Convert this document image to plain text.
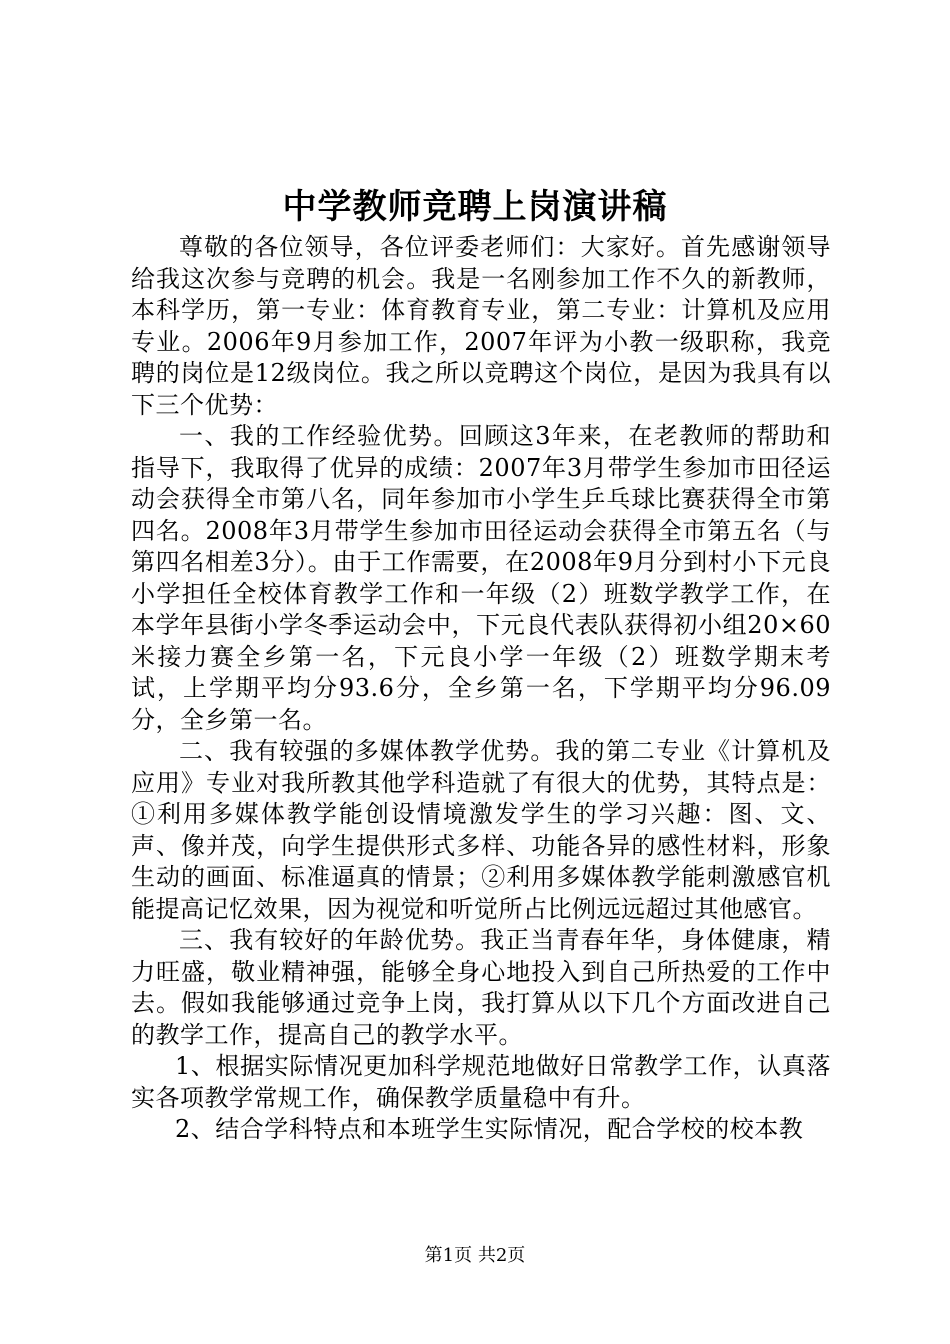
中学教师竞聘上岗演讲稿

尊敬的各位领导，各位评委老师们：大家好。首先感谢领导给我这次参与竞聘的机会。我是一名刚参加工作不久的新教师，本科学历，第一专业：体育教育专业，第二专业：计算机及应用专业。2006年9月参加工作，2007年评为小教一级职称，我竞聘的岗位是12级岗位。我之所以竞聘这个岗位，是因为我具有以下三个优势：

一、我的工作经验优势。回顾这3年来，在老教师的帮助和指导下，我取得了优异的成绩：2007年3月带学生参加市田径运动会获得全市第八名，同年参加市小学生乒乓球比赛获得全市第四名。2008年3月带学生参加市田径运动会获得全市第五名（与第四名相差3分）。由于工作需要，在2008年9月分到村小下元良小学担任全校体育教学工作和一年级（2）班数学教学工作，在本学年县街小学冬季运动会中，下元良代表队获得初小组20×60米接力赛全乡第一名，下元良小学一年级（2）班数学期末考试，上学期平均分93.6分，全乡第一名，下学期平均分96.09分，全乡第一名。

二、我有较强的多媒体教学优势。我的第二专业《计算机及应用》专业对我所教其他学科造就了有很大的优势，其特点是：①利用多媒体教学能创设情境激发学生的学习兴趣：图、文、声、像并茂，向学生提供形式多样、功能各异的感性材料，形象生动的画面、标准逼真的情景；②利用多媒体教学能刺激感官机能提高记忆效果，因为视觉和听觉所占比例远远超过其他感官。

三、我有较好的年龄优势。我正当青春年华，身体健康，精力旺盛，敬业精神强，能够全身心地投入到自己所热爱的工作中去。假如我能够通过竞争上岗，我打算从以下几个方面改进自己的教学工作，提高自己的教学水平。

1、根据实际情况更加科学规范地做好日常教学工作，认真落实各项教学常规工作，确保教学质量稳中有升。

2、结合学科特点和本班学生实际情况，配合学校的校本教

第1页 共2页
